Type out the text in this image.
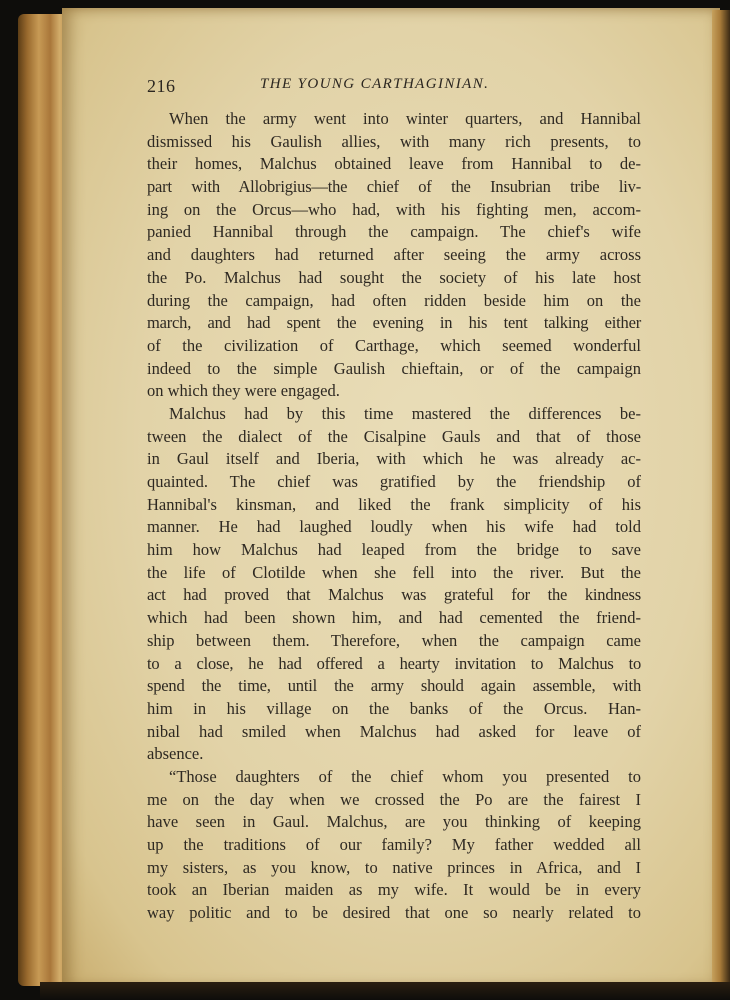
216	THE YOUNG CARTHAGINIAN.
When the army went into winter quarters, and Hannibal
dismissed his Gaulish allies, with many rich presents, to
their homes, Malchus obtained leave from Hannibal to de-
part with Allobrigius—the chief of the Insubrian tribe liv-
ing on the Orcus—who had, with his fighting men, accom-
panied Hannibal through the campaign. The chief's wife
and daughters had returned after seeing the army across
the Po. Malchus had sought the society of his late host
during the campaign, had often ridden beside him on the
march, and had spent the evening in his tent talking either
of the civilization of Carthage, which seemed wonderful
indeed to the simple Gaulish chieftain, or of the campaign
on which they were engaged.
Malchus had by this time mastered the differences be-
tween the dialect of the Cisalpine Gauls and that of those
in Gaul itself and Iberia, with which he was already ac-
quainted. The chief was gratified by the friendship of
Hannibal's kinsman, and liked the frank simplicity of his
manner. He had laughed loudly when his wife had told
him how Malchus had leaped from the bridge to save
the life of Clotilde when she fell into the river. But the
act had proved that Malchus was grateful for the kindness
which had been shown him, and had cemented the friend-
ship between them. Therefore, when the campaign came
to a close, he had offered a hearty invitation to Malchus to
spend the time, until the army should again assemble, with
him in his village on the banks of the Orcus. Han-
nibal had smiled when Malchus had asked for leave of
absence.
“Those daughters of the chief whom you presented to
me on the day when we crossed the Po are the fairest I
have seen in Gaul. Malchus, are you thinking of keeping
up the traditions of our family? My father wedded all
my sisters, as you know, to native princes in Africa, and I
took an Iberian maiden as my wife. It would be in every
way politic and to be desired that one so nearly related to
